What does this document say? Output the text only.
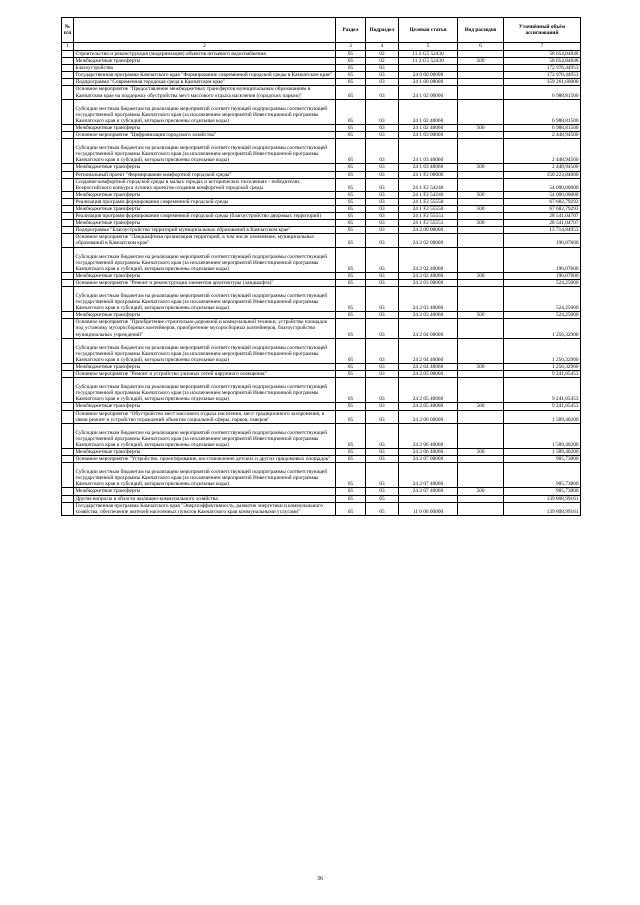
№ п/п		Раздел	Подраздел	Целевая статья	Вид расходов	Уточнённый объём ассигнований
1	2	3	4	5	6	7
	Строительство и реконструкция (модернизация) объектов питьевого водоснабжения	05	02	11 2 G5 52430		58 654,84848
	Межбюджетные трансферты	05	02	11 2 G5 52430	500	58 654,84848
	Благоустройство	05	03			172 976,44953
	Государственная программа Камчатского края "Формирование современной городской среды в Камчатском крае"	05	03	24 0 00 00000		172 976,44953
	Подпрограмма "Современная городская среда в Камчатском крае"	05	03	24 1 00 00000		159 261,60000
	Основное мероприятие "Предоставление межбюджетных трансфертов муниципальным образованиям в Камчатском крае на поддержку обустройства мест массового отдыха населения (городских парков)"	05	03	24 1 02 00000		6 988,81500
	Субсидии местным бюджетам на реализацию мероприятий соответствующей подпрограммы соответствующей государственной программы Камчатского края (за исключением мероприятий Инвестиционной программы Камчатского края и субсидий, которым присвоены отдельные коды)	05	03	24 1 02 40060		6 988,81500
	Межбюджетные трансферты	05	03	24 1 02 40060	500	6 988,81500
	Основное мероприятие "Цифровизация городского хозяйства"	05	03	24 1 03 00000		2 448,94500
	Субсидии местным бюджетам на реализацию мероприятий соответствующей подпрограммы соответствующей государственной программы Камчатского края (за исключением мероприятий Инвестиционной программы Камчатского края и субсидий, которым присвоены отдельные коды)	05	03	24 1 03 40060		2 448,94500
	Межбюджетные трансферты	05	03	24 1 03 40060	500	2 448,94500
	Региональный проект "Формирование комфортной городской среды"	05	03	24 1 F2 00000		150 223,84000
	Создание комфортной городской среды в малых городах и исторических поселениях - победителях Всероссийского конкурса лучших проектов создания комфортной городской среды	05	03	24 1 F2 54240		54 000,00000
	Межбюджетные трансферты	05	03	24 1 F2 54240	500	54 000,00000
	Реализация программ формирования современной городской среды	05	03	24 1 F2 55550		67 682,79293
	Межбюджетные трансферты	05	03	24 1 F2 55550	500	67 682,79293
	Реализация программ формирования современной городской среды (благоустройство дворовых территорий)	05	03	24 1 F2 55551		28 541,04707
	Межбюджетные трансферты	05	03	24 1 F2 55551	500	28 541,04707
	Подпрограмма "Благоустройство территорий муниципальных образований в Камчатском крае"	05	03	24 2 00 00000		13 714,84953
	Основное мероприятие "Ландшафтная организация территорий, в том числе озеленение, муниципальных образований в Камчатском крае"	05	03	24 2 02 00000		196,07600
	Субсидии местным бюджетам на реализацию мероприятий соответствующей подпрограммы соответствующей государственной программы Камчатского края (за исключением мероприятий Инвестиционной программы Камчатского края и субсидий, которым присвоены отдельные коды)	05	03	24 2 02 40060		196,07600
	Межбюджетные трансферты	05	03	24 2 02 40060	500	196,07600
	Основное мероприятие "Ремонт и реконструкция элементов архитектуры (ландшафта)"	05	03	24 2 03 00000		524,25000
	Субсидии местным бюджетам на реализацию мероприятий соответствующей подпрограммы соответствующей государственной программы Камчатского края (за исключением мероприятий Инвестиционной программы Камчатского края и субсидий, которым присвоены отдельные коды)	05	03	24 2 03 40060		524,25000
	Межбюджетные трансферты	05	03	24 2 03 40060	500	524,25000
	Основное мероприятие "Приобретение строительно-дорожной и коммунальной техники, устройство площадок под установку мусоросборных контейнеров, приобретение мусоросборных контейнеров, благоустройство муниципальных учреждений"	05	03	24 2 04 00000		1 256,32900
	Субсидии местным бюджетам на реализацию мероприятий соответствующей подпрограммы соответствующей государственной программы Камчатского края (за исключением мероприятий Инвестиционной программы Камчатского края и субсидий, которым присвоены отдельные коды)	05	03	24 2 04 40060		1 256,32900
	Межбюджетные трансферты	05	03	24 2 04 40060	500	1 256,32900
	Основное мероприятие "Ремонт и устройство уличных сетей наружного освещения"	05	03	24 2 05 00000		9 241,05453
	Субсидии местным бюджетам на реализацию мероприятий соответствующей подпрограммы соответствующей государственной программы Камчатского края (за исключением мероприятий Инвестиционной программы Камчатского края и субсидий, которым присвоены отдельные коды)	05	03	24 2 05 40060		9 241,05453
	Межбюджетные трансферты	05	03	24 2 05 40060	500	9 241,05453
	Основное мероприятие "Обустройство мест массового отдыха населения, мест традиционного захоронения, в связи ремонт и устройство ограждений объектов социальной сферы, парков, скверов"	05	03	24 2 06 00000		1 589,40200
	Субсидии местным бюджетам на реализацию мероприятий соответствующей подпрограммы соответствующей государственной программы Камчатского края (за исключением мероприятий Инвестиционной программы Камчатского края и субсидий, которым присвоены отдельные коды)	05	03	24 2 06 40060		1 589,40200
	Межбюджетные трансферты	05	03	24 2 06 40060	500	1 589,40200
	Основное мероприятие "Устройство, проектирование, восстановление детских и других придомовых площадок"	05	03	24 2 07 00000		905,73800
	Субсидии местным бюджетам на реализацию мероприятий соответствующей подпрограммы соответствующей государственной программы Камчатского края (за исключением мероприятий Инвестиционной программы Камчатского края и субсидий, которым присвоены отдельные коды)	05	03	24 2 07 40060		905,73800
	Межбюджетные трансферты	05	03	24 2 07 40060	500	905,73800
	Другие вопросы в области жилищно-коммунального хозяйства	05	05			139 808,99161
	Государственная программа Камчатского края "Энергоэффективность, развитие энергетики и коммунального хозяйства, обеспечение жителей населенных пунктов Камчатского края коммунальными услугами"	05	05	11 0 00 00000		139 808,99161
36
